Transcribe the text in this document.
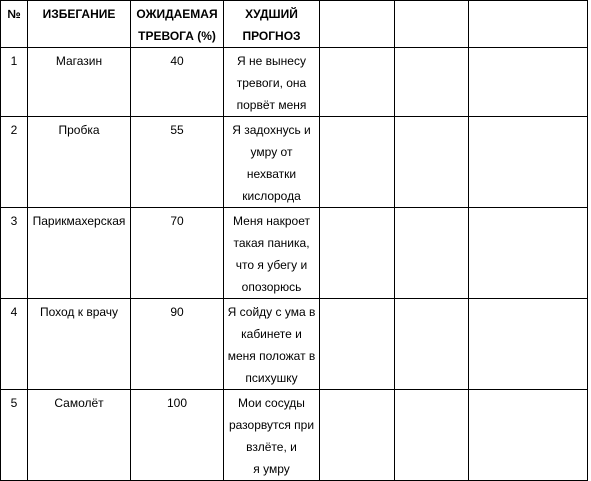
№	ИЗБЕГАНИЕ	ОЖИДАЕМАЯ
ТРЕВОГА (%)	ХУДШИЙ
ПРОГНОЗ			

1	Магазин	40	Я не вынесу
тревоги, она
порвёт меня			

2	Пробка	55	Я задохнусь и
умру от
нехватки
кислорода			

3	Парикмахерская	70	Меня накроет
такая паника,
что я убегу и
опозорюсь			

4	Поход к врачу	90	Я сойду с ума в
кабинете и
меня положат в
психушку			

5	Самолёт	100	Мои сосуды
разорвутся при
взлёте, и
я умру			
